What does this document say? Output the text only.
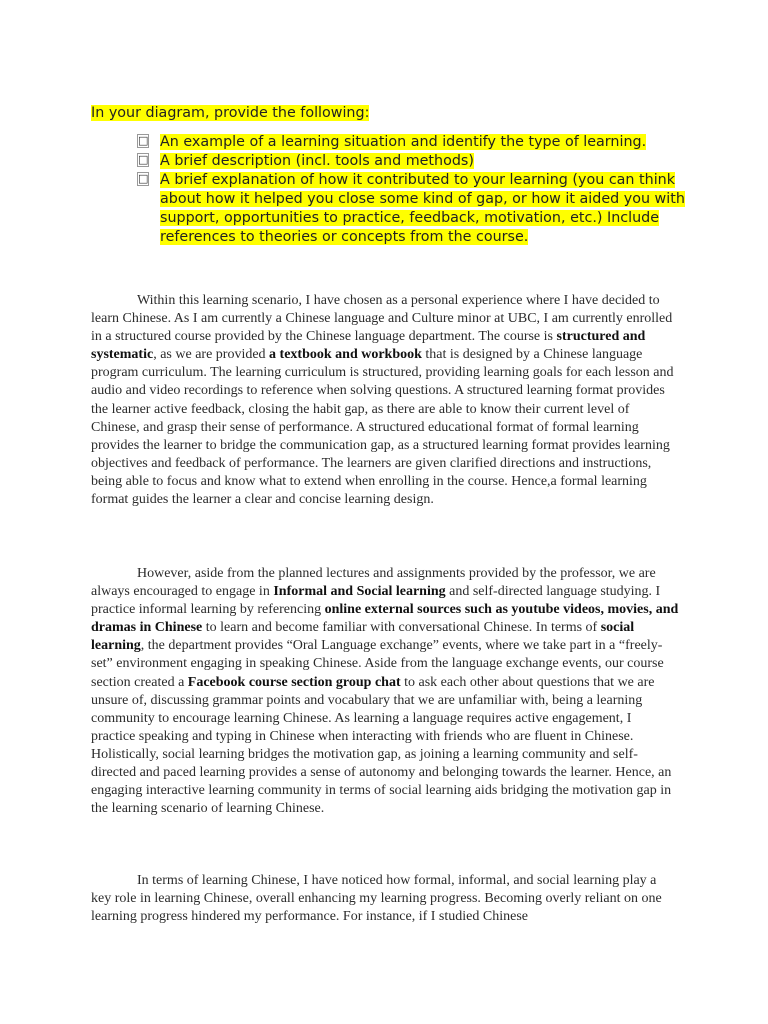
In your diagram, provide the following:
□ An example of a learning situation and identify the type of learning.
□ A brief description (incl. tools and methods)
□ A brief explanation of how it contributed to your learning (you can think about how it helped you close some kind of gap, or how it aided you with support, opportunities to practice, feedback, motivation, etc.) Include references to theories or concepts from the course.

Within this learning scenario, I have chosen as a personal experience where I have decided to learn Chinese. As I am currently a Chinese language and Culture minor at UBC, I am currently enrolled in a structured course provided by the Chinese language department. The course is structured and systematic, as we are provided a textbook and workbook that is designed by a Chinese language program curriculum. The learning curriculum is structured, providing learning goals for each lesson and audio and video recordings to reference when solving questions. A structured learning format provides the learner active feedback, closing the habit gap, as there are able to know their current level of Chinese, and grasp their sense of performance. A structured educational format of formal learning provides the learner to bridge the communication gap, as a structured learning format provides learning objectives and feedback of performance. The learners are given clarified directions and instructions, being able to focus and know what to extend when enrolling in the course. Hence,a formal learning format guides the learner a clear and concise learning design.

However, aside from the planned lectures and assignments provided by the professor, we are always encouraged to engage in Informal and Social learning and self-directed language studying. I practice informal learning by referencing online external sources such as youtube videos, movies, and dramas in Chinese to learn and become familiar with conversational Chinese. In terms of social learning, the department provides “Oral Language exchange” events, where we take part in a “freely-set” environment engaging in speaking Chinese. Aside from the language exchange events, our course section created a Facebook course section group chat to ask each other about questions that we are unsure of, discussing grammar points and vocabulary that we are unfamiliar with, being a learning community to encourage learning Chinese. As learning a language requires active engagement, I practice speaking and typing in Chinese when interacting with friends who are fluent in Chinese. Holistically, social learning bridges the motivation gap, as joining a learning community and self-directed and paced learning provides a sense of autonomy and belonging towards the learner. Hence, an engaging interactive learning community in terms of social learning aids bridging the motivation gap in the learning scenario of learning Chinese.

In terms of learning Chinese, I have noticed how formal, informal, and social learning play a key role in learning Chinese, overall enhancing my learning progress. Becoming overly reliant on one learning progress hindered my performance. For instance, if I studied Chinese
